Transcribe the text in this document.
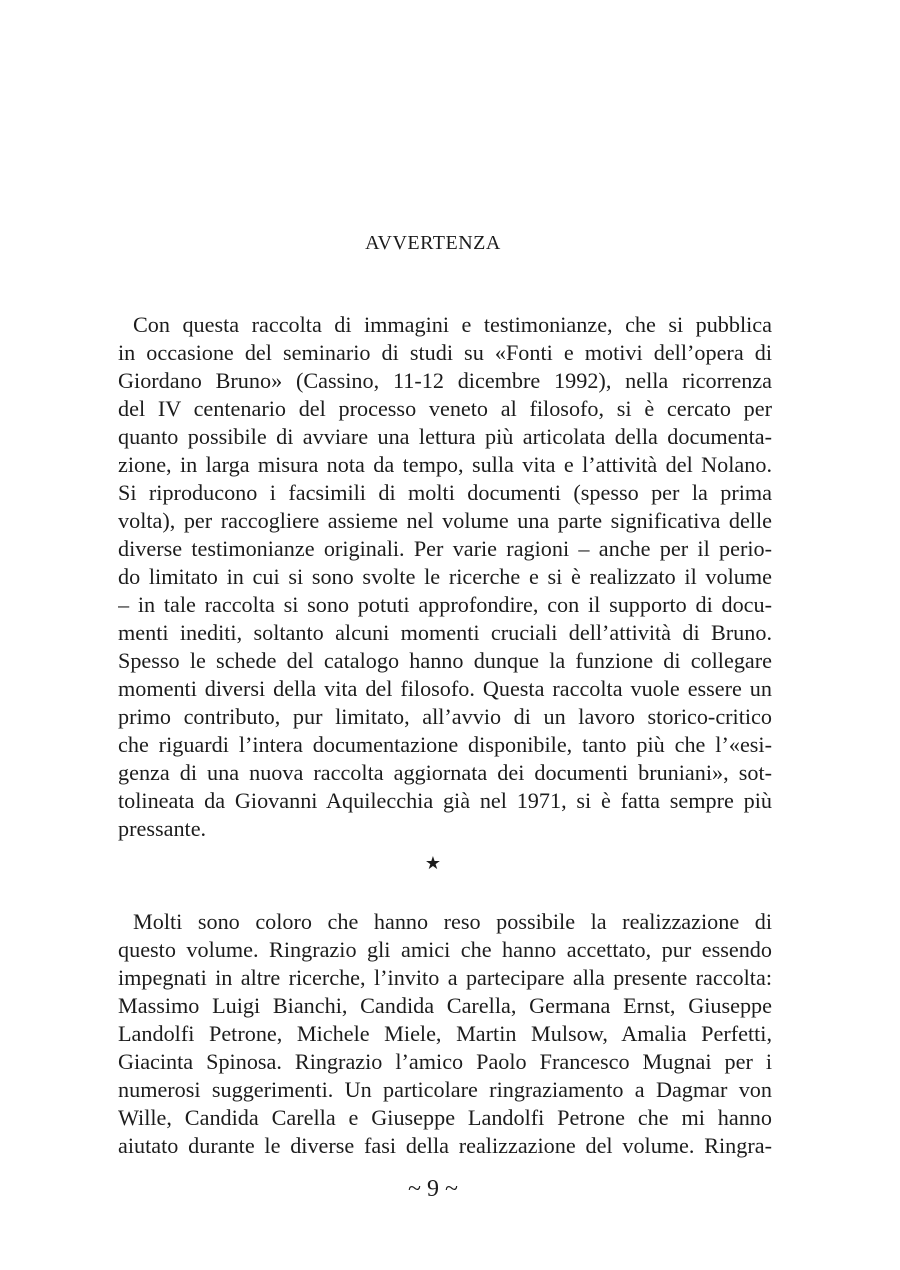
AVVERTENZA
Con questa raccolta di immagini e testimonianze, che si pubblica
in occasione del seminario di studi su «Fonti e motivi dell’opera di
Giordano Bruno» (Cassino, 11-12 dicembre 1992), nella ricorrenza
del IV centenario del processo veneto al filosofo, si è cercato per
quanto possibile di avviare una lettura più articolata della documenta-
zione, in larga misura nota da tempo, sulla vita e l’attività del Nolano.
Si riproducono i facsimili di molti documenti (spesso per la prima
volta), per raccogliere assieme nel volume una parte significativa delle
diverse testimonianze originali. Per varie ragioni – anche per il perio-
do limitato in cui si sono svolte le ricerche e si è realizzato il volume
– in tale raccolta si sono potuti approfondire, con il supporto di docu-
menti inediti, soltanto alcuni momenti cruciali dell’attività di Bruno.
Spesso le schede del catalogo hanno dunque la funzione di collegare
momenti diversi della vita del filosofo. Questa raccolta vuole essere un
primo contributo, pur limitato, all’avvio di un lavoro storico-critico
che riguardi l’intera documentazione disponibile, tanto più che l’«esi-
genza di una nuova raccolta aggiornata dei documenti bruniani», sot-
tolineata da Giovanni Aquilecchia già nel 1971, si è fatta sempre più
pressante.
★
Molti sono coloro che hanno reso possibile la realizzazione di
questo volume. Ringrazio gli amici che hanno accettato, pur essendo
impegnati in altre ricerche, l’invito a partecipare alla presente raccolta:
Massimo Luigi Bianchi, Candida Carella, Germana Ernst, Giuseppe
Landolfi Petrone, Michele Miele, Martin Mulsow, Amalia Perfetti,
Giacinta Spinosa. Ringrazio l’amico Paolo Francesco Mugnai per i
numerosi suggerimenti. Un particolare ringraziamento a Dagmar von
Wille, Candida Carella e Giuseppe Landolfi Petrone che mi hanno
aiutato durante le diverse fasi della realizzazione del volume. Ringra-
~ 9 ~
